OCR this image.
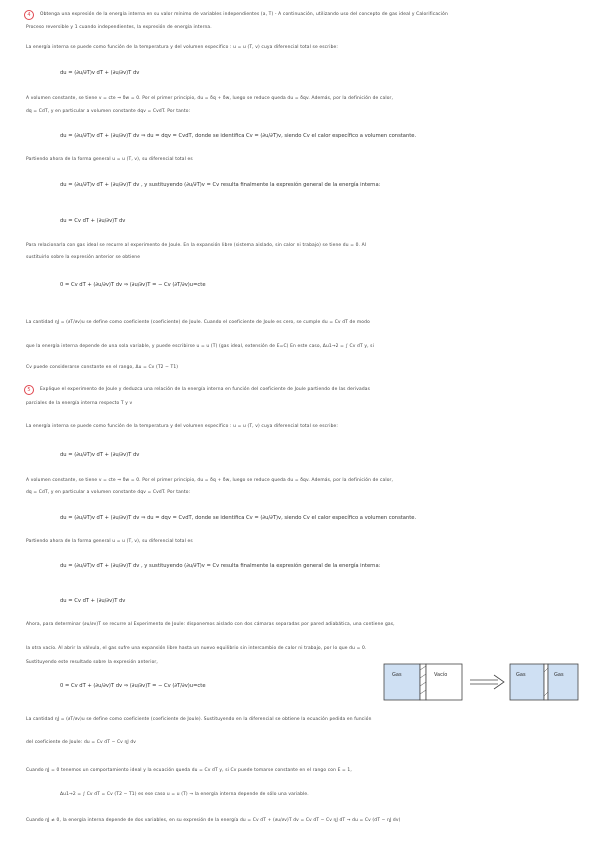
4	Obtenga una expresión de la energía interna en su valor mínimo de variables independientes (a, T) - A continuación, utilizando uso del concepto de gas ideal y Calorificación
Proceso reversible y 1 cuando independientes, la expresión de energía interna.
La energía interna se puede como función de la temperatura y del volumen específico : u = u (T, v) cuya diferencial total se escribe:
du = (∂u/∂T)v dT + (∂u/∂v)T dv
A volumen constante, se tiene v = cte ⇒ δw = 0. Por el primer principio, du = δq + δw, luego se reduce queda du = δqv. Además, por la definición de calor,
dq = CdT, y en particular a volumen constante dqv = CvdT. Por tanto:
du = (∂u/∂T)v dT + (∂u/∂v)T dv ⇒ du = dqv = CvdT, donde se identifica Cv = (∂u/∂T)v, siendo Cv el calor específico a volumen constante.
Partiendo ahora de la forma general u = u (T, v), su diferencial total es
du = (∂u/∂T)v dT + (∂u/∂v)T dv , y sustituyendo (∂u/∂T)v = Cv resulta finalmente la expresión general de la energía interna:
du = Cv dT + (∂u/∂v)T dv
Para relacionarla con gas ideal se recurre al experimento de Joule. En la expansión libre (sistema aislado, sin calor ni trabajo) se tiene du = 0. Al
sustituirlo sobre la expresión anterior se obtiene
0 = Cv dT + (∂u/∂v)T dv ⇒ (∂u/∂v)T = − Cv (∂T/∂v)u=cte
La cantidad ηJ = (∂T/∂v)u se define como coeficiente (coeficiente) de Joule. Cuando el coeficiente de Joule es cero, se cumple du = Cv dT de modo
que la energía interna depende de una sola variable, y puede escribirse u = u (T) (gas ideal, extensión de E=C) En este caso, Δu1→2 = ∫ Cv dT y, si
Cv puede considerarse constante en el rango, Δu = Cv (T2 − T1)
5	Explique el experimento de Joule y deduzca una relación de la energía interna en función del coeficiente de Joule partiendo de las derivadas
parciales de la energía interna respecto T y v
La energía interna se puede como función de la temperatura y del volumen específico : u = u (T, v) cuya diferencial total se escribe:
du = (∂u/∂T)v dT + (∂u/∂v)T dv
A volumen constante, se tiene v = cte ⇒ δw = 0. Por el primer principio, du = δq + δw, luego se reduce queda du = δqv. Además, por la definición de calor,
dq = CdT, y en particular a volumen constante dqv = CvdT. Por tanto:
du = (∂u/∂T)v dT + (∂u/∂v)T dv ⇒ du = dqv = CvdT, donde se identifica Cv = (∂u/∂T)v, siendo Cv el calor específico a volumen constante.
Partiendo ahora de la forma general u = u (T, v), su diferencial total es
du = (∂u/∂T)v dT + (∂u/∂v)T dv , y sustituyendo (∂u/∂T)v = Cv resulta finalmente la expresión general de la energía interna:
du = Cv dT + (∂u/∂v)T dv
Ahora, para determinar (∂u/∂v)T se recurre al Experimento de Joule: disponemos aislado con dos cámaras separadas por pared adiabática, una contiene gas,
la otra vacío. Al abrir la válvula, el gas sufre una expansión libre hasta un nuevo equilibrio sin intercambio de calor ni trabajo, por lo que du = 0.
Sustituyendo este resultado sobre la expresión anterior,
0 = Cv dT + (∂u/∂v)T dv ⇒ (∂u/∂v)T = − Cv (∂T/∂v)u=cte
Gas	Vacío	Gas	Gas
La cantidad ηJ = (∂T/∂v)u se define como coeficiente (coeficiente de Joule). Sustituyendo en la diferencial se obtiene la ecuación pedida en función
del coeficiente de Joule: du = Cv dT − Cv ηJ dv
Cuando ηJ = 0 tenemos un comportamiento ideal y la ecuación queda du = Cv dT y, si Cv puede tomarse constante en el rango con E = 1,
Δu1→2 = ∫ Cv dT = Cv (T2 − T1) es ese caso u = u (T) → la energía interna depende de sólo una variable.
Cuando ηJ ≠ 0, la energía interna depende de dos variables, en su expresión de la energía du = Cv dT + (∂u/∂v)T dv = Cv dT − Cv ηJ dT → du = Cv (dT − ηJ dv)
